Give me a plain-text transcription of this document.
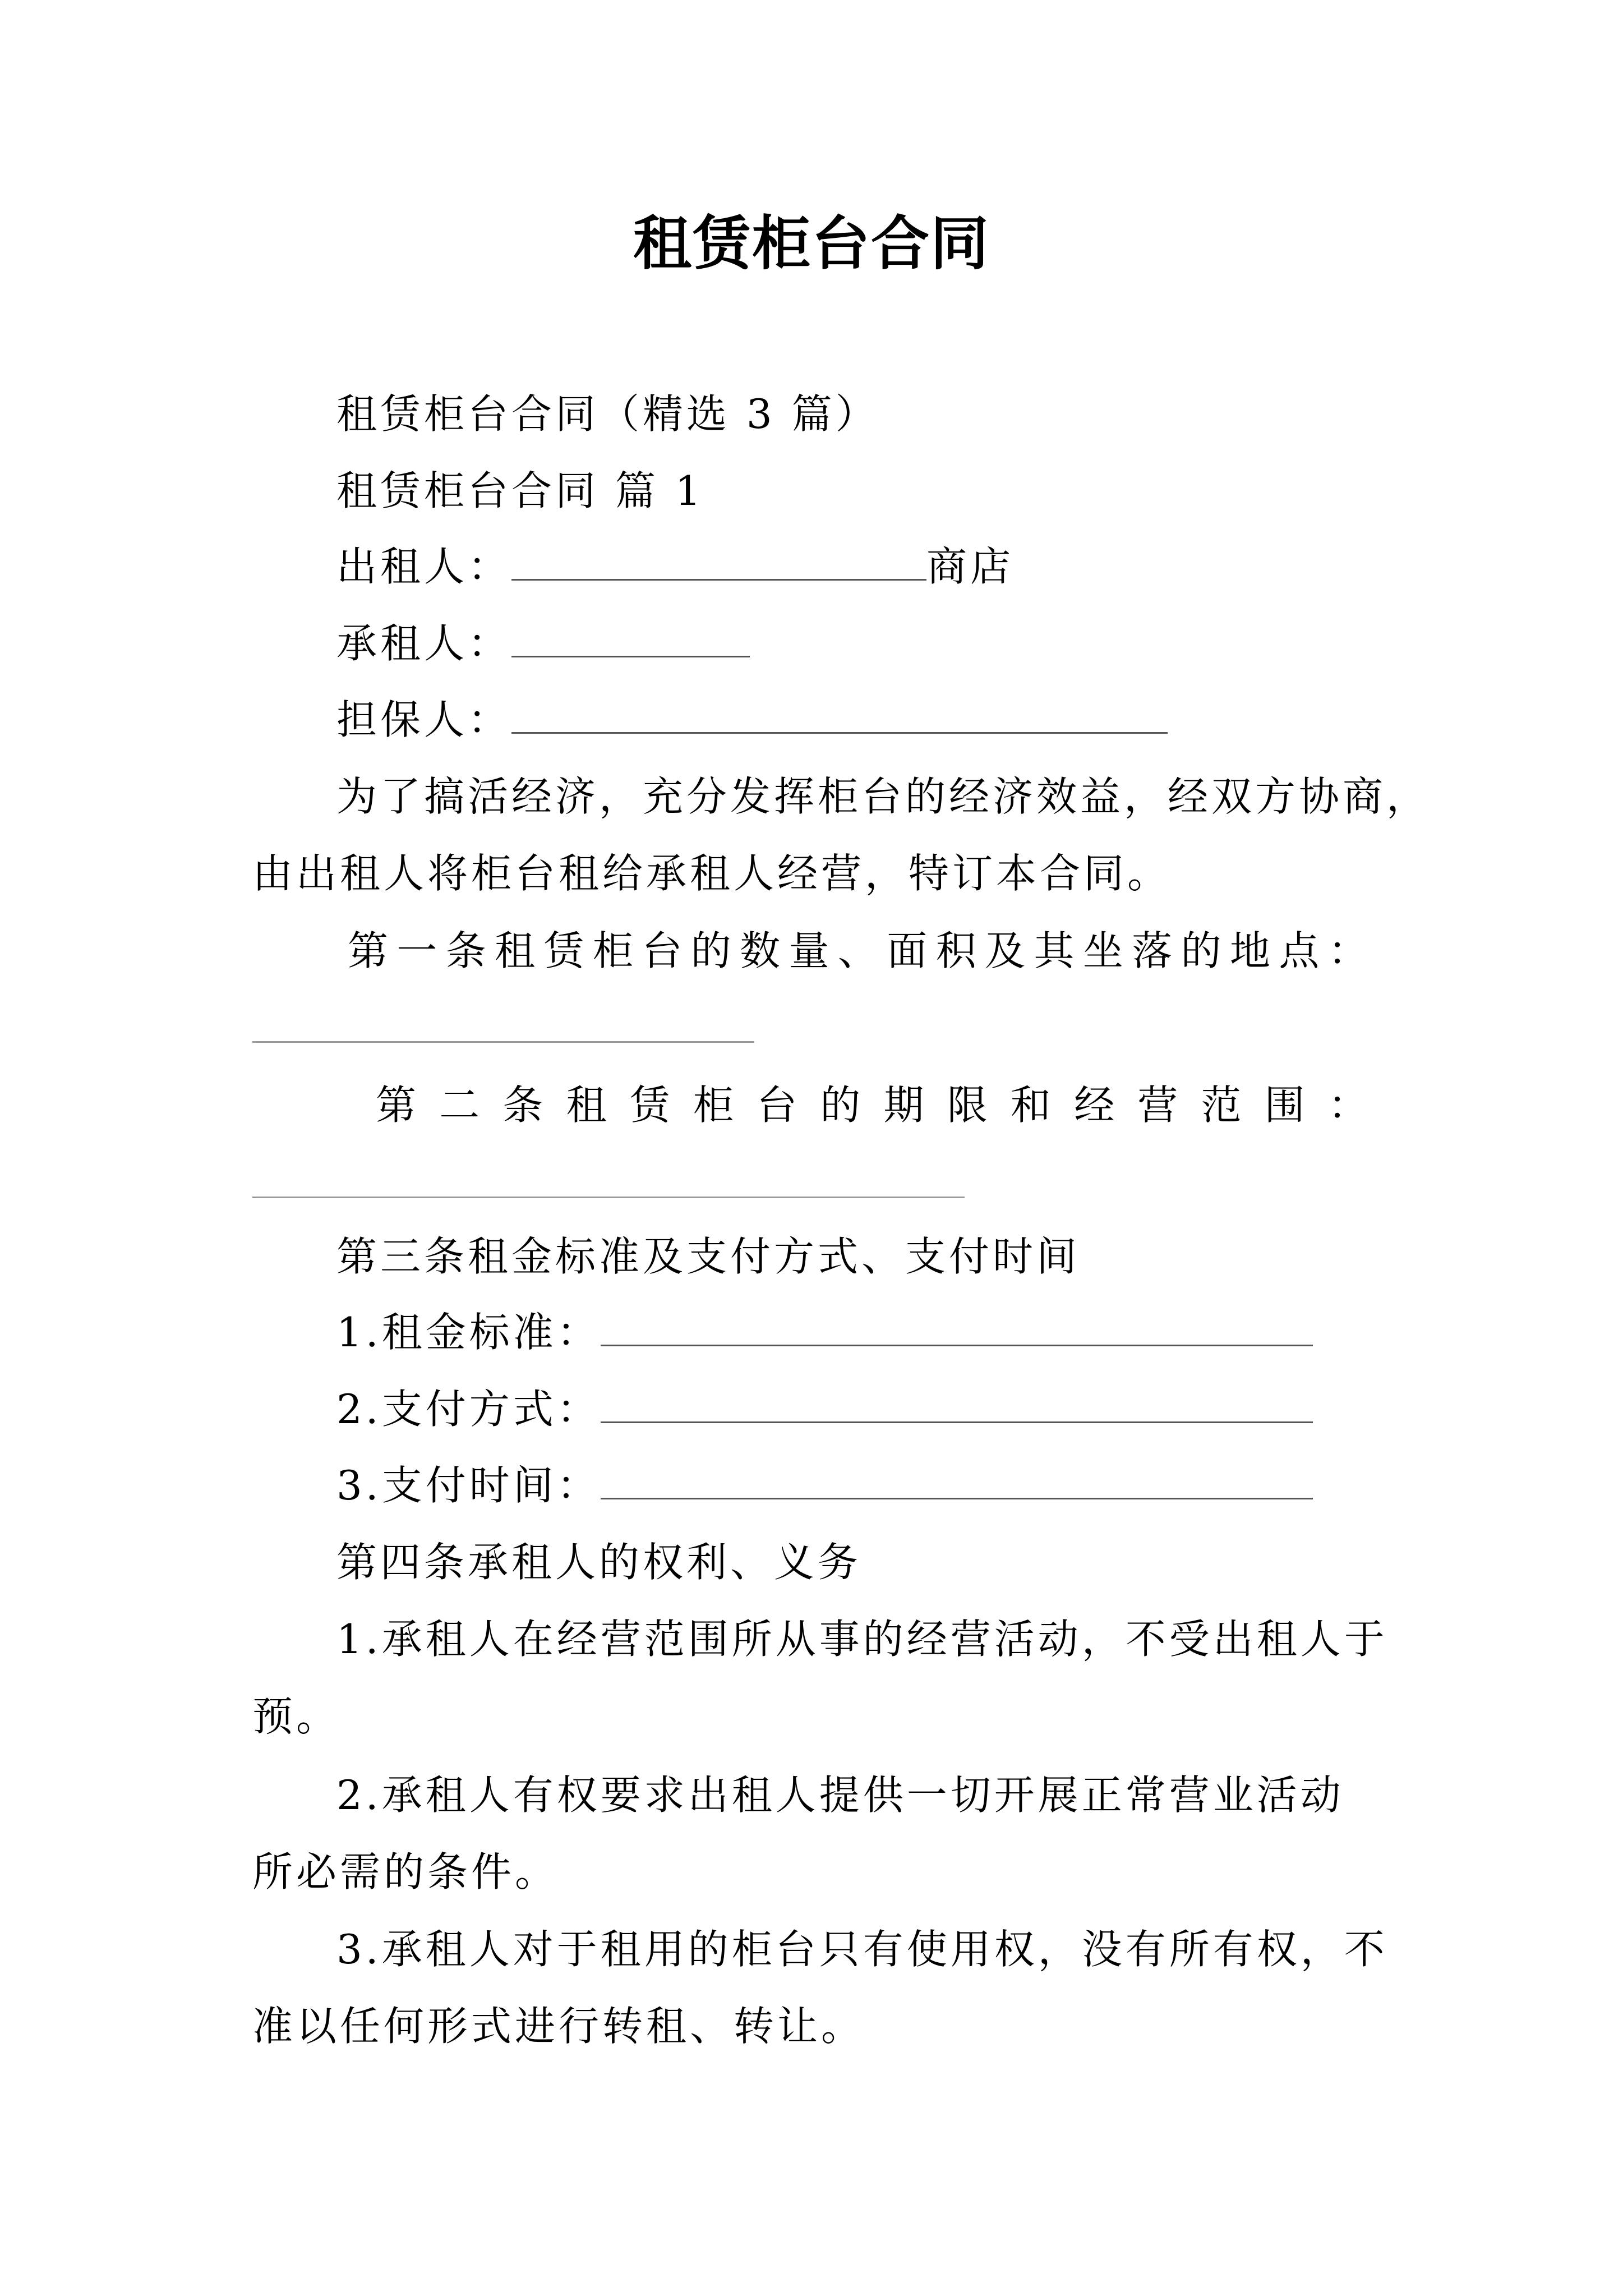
租赁柜台合同
租赁柜台合同（精选 3 篇）
租赁柜台合同 篇 1
出租人：	商店
承租人：
担保人：
为了搞活经济，充分发挥柜台的经济效益，经双方协商，
由出租人将柜台租给承租人经营，特订本合同。
第 一 条 租 赁 柜 台 的 数 量 、 面 积 及 其 坐 落 的 地 点 ：
第 二 条 租 赁 柜 台 的 期 限 和 经 营 范 围 ：
第三条租金标准及支付方式、支付时间
1.租金标准：
2.支付方式：
3.支付时间：
第四条承租人的权利、义务
1.承租人在经营范围所从事的经营活动，不受出租人于
预。
2.承租人有权要求出租人提供一切开展正常营业活动
所必需的条件。
3.承租人对于租用的柜台只有使用权，没有所有权，不
准以任何形式进行转租、转让。
